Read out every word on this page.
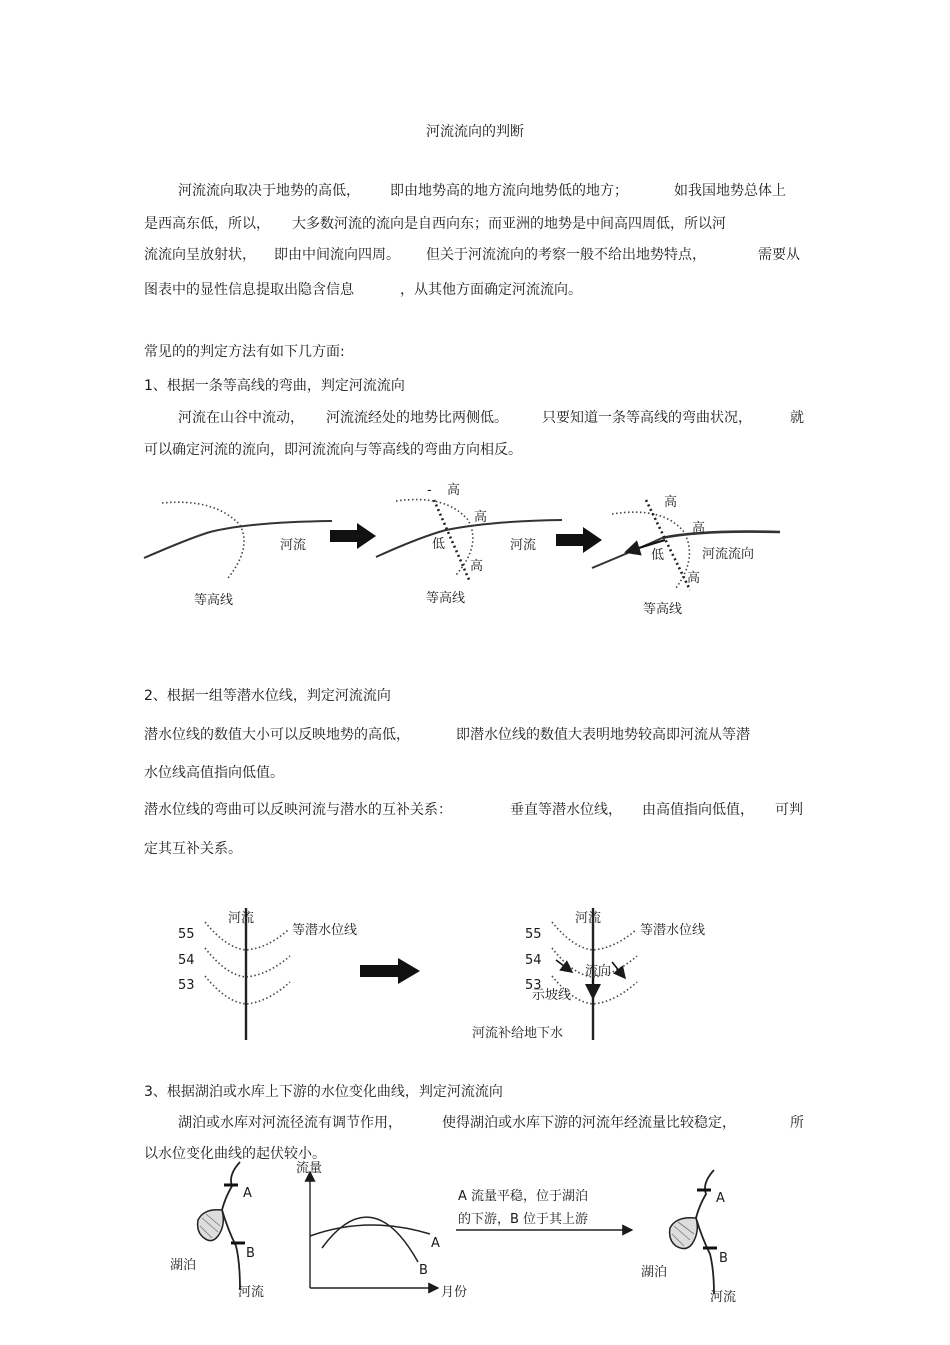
河流流向的判断
河流流向取决于地势的高低， 即由地势高的地方流向地势低的地方；	如我国地势总体上
是西高东低，所以， 大多数河流的流向是自西向东；而亚洲的地势是中间高四周低，所以河
流流向呈放射状， 即由中间流向四周。 但关于河流流向的考察一般不给出地势特点，	需要从
图表中的显性信息提取出隐含信息	，从其他方面确定河流流向。
常见的的判定方法有如下几方面:
1、根据一条等高线的弯曲，判定河流流向
河流在山谷中流动， 河流流经处的地势比两侧低。 只要知道一条等高线的弯曲状况，	就
可以确定河流的流向，即河流流向与等高线的弯曲方向相反。
2、根据一组等潜水位线，判定河流流向
潜水位线的数值大小可以反映地势的高低，	即潜水位线的数值大表明地势较高即河流从等潜
水位线高值指向低值。
潜水位线的弯曲可以反映河流与潜水的互补关系：	垂直等潜水位线， 由高值指向低值， 可判
定其互补关系。
3、根据湖泊或水库上下游的水位变化曲线，判定河流流向
湖泊或水库对河流径流有调节作用，	使得湖泊或水库下游的河流年经流量比较稳定，	所
以水位变化曲线的起伏较小。
河流
等高线
- 高
高
低
高
河流
等高线
高
高
低	河流流向
高
等高线
河流
等潜水位线
55
54
53
河流
等潜水位线
55
54
53
流向
示坡线
河流补给地下水
A
B
湖泊
河流
流量
月份
A
B
A 流量平稳，位于湖泊
的下游，B 位于其上游
A
B
湖泊
河流
